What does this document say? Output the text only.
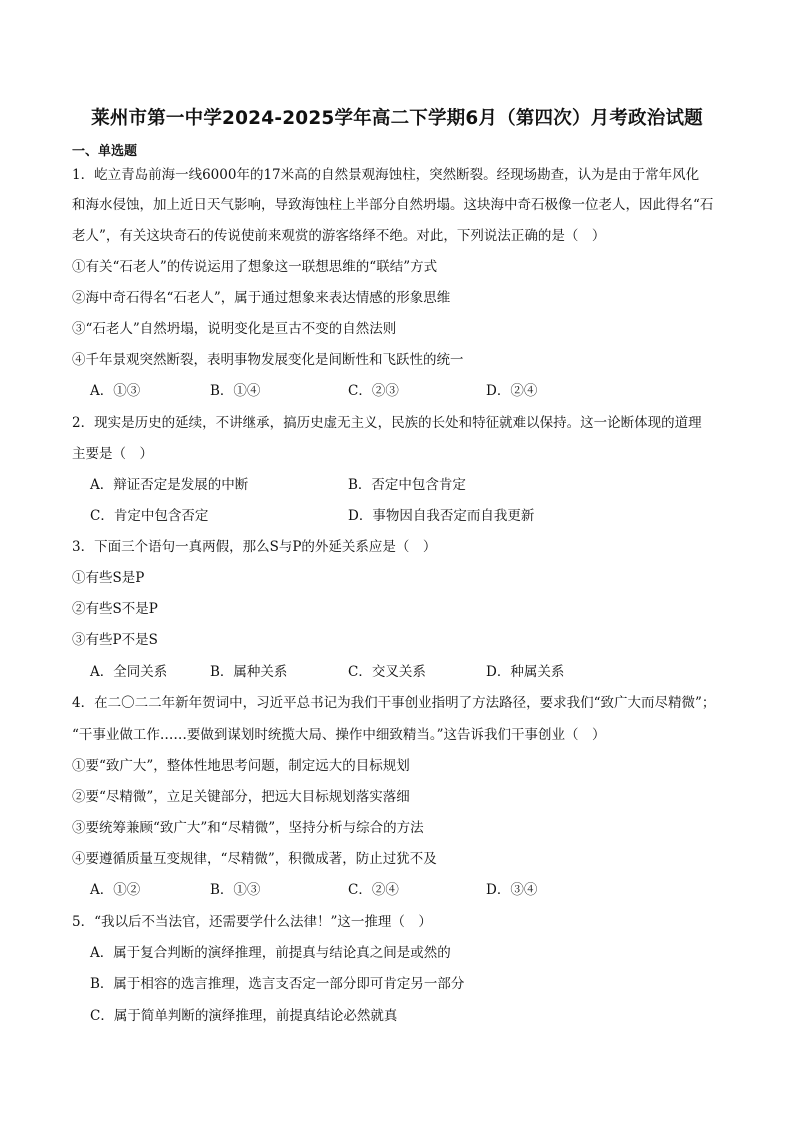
莱州市第一中学2024-2025学年高二下学期6月（第四次）月考政治试题
一、单选题
1．屹立青岛前海一线6000年的17米高的自然景观海蚀柱，突然断裂。经现场勘查，认为是由于常年风化
和海水侵蚀，加上近日天气影响，导致海蚀柱上半部分自然坍塌。这块海中奇石极像一位老人，因此得名“石
老人”，有关这块奇石的传说使前来观赏的游客络绎不绝。对此，下列说法正确的是（　）
①有关“石老人”的传说运用了想象这一联想思维的“联结”方式
②海中奇石得名“石老人”，属于通过想象来表达情感的形象思维
③“石老人”自然坍塌，说明变化是亘古不变的自然法则
④千年景观突然断裂，表明事物发展变化是间断性和飞跃性的统一
A．①③	B．①④	C．②③	D．②④
2．现实是历史的延续，不讲继承，搞历史虚无主义，民族的长处和特征就难以保持。这一论断体现的道理
主要是（　）
A．辩证否定是发展的中断	B．否定中包含肯定
C．肯定中包含否定	D．事物因自我否定而自我更新
3．下面三个语句一真两假，那么S与P的外延关系应是（　）
①有些S是P
②有些S不是P
③有些P不是S
A．全同关系	B．属种关系	C．交叉关系	D．种属关系
4．在二〇二二年新年贺词中，习近平总书记为我们干事创业指明了方法路径，要求我们“致广大而尽精微”；
“干事业做工作……要做到谋划时统揽大局、操作中细致精当。”这告诉我们干事创业（　）
①要“致广大”，整体性地思考问题，制定远大的目标规划
②要“尽精微”，立足关键部分，把远大目标规划落实落细
③要统筹兼顾“致广大”和“尽精微”，坚持分析与综合的方法
④要遵循质量互变规律，“尽精微”，积微成著，防止过犹不及
A．①②	B．①③	C．②④	D．③④
5．“我以后不当法官，还需要学什么法律！”这一推理（　）
A．属于复合判断的演绎推理，前提真与结论真之间是或然的
B．属于相容的选言推理，选言支否定一部分即可肯定另一部分
C．属于简单判断的演绎推理，前提真结论必然就真
